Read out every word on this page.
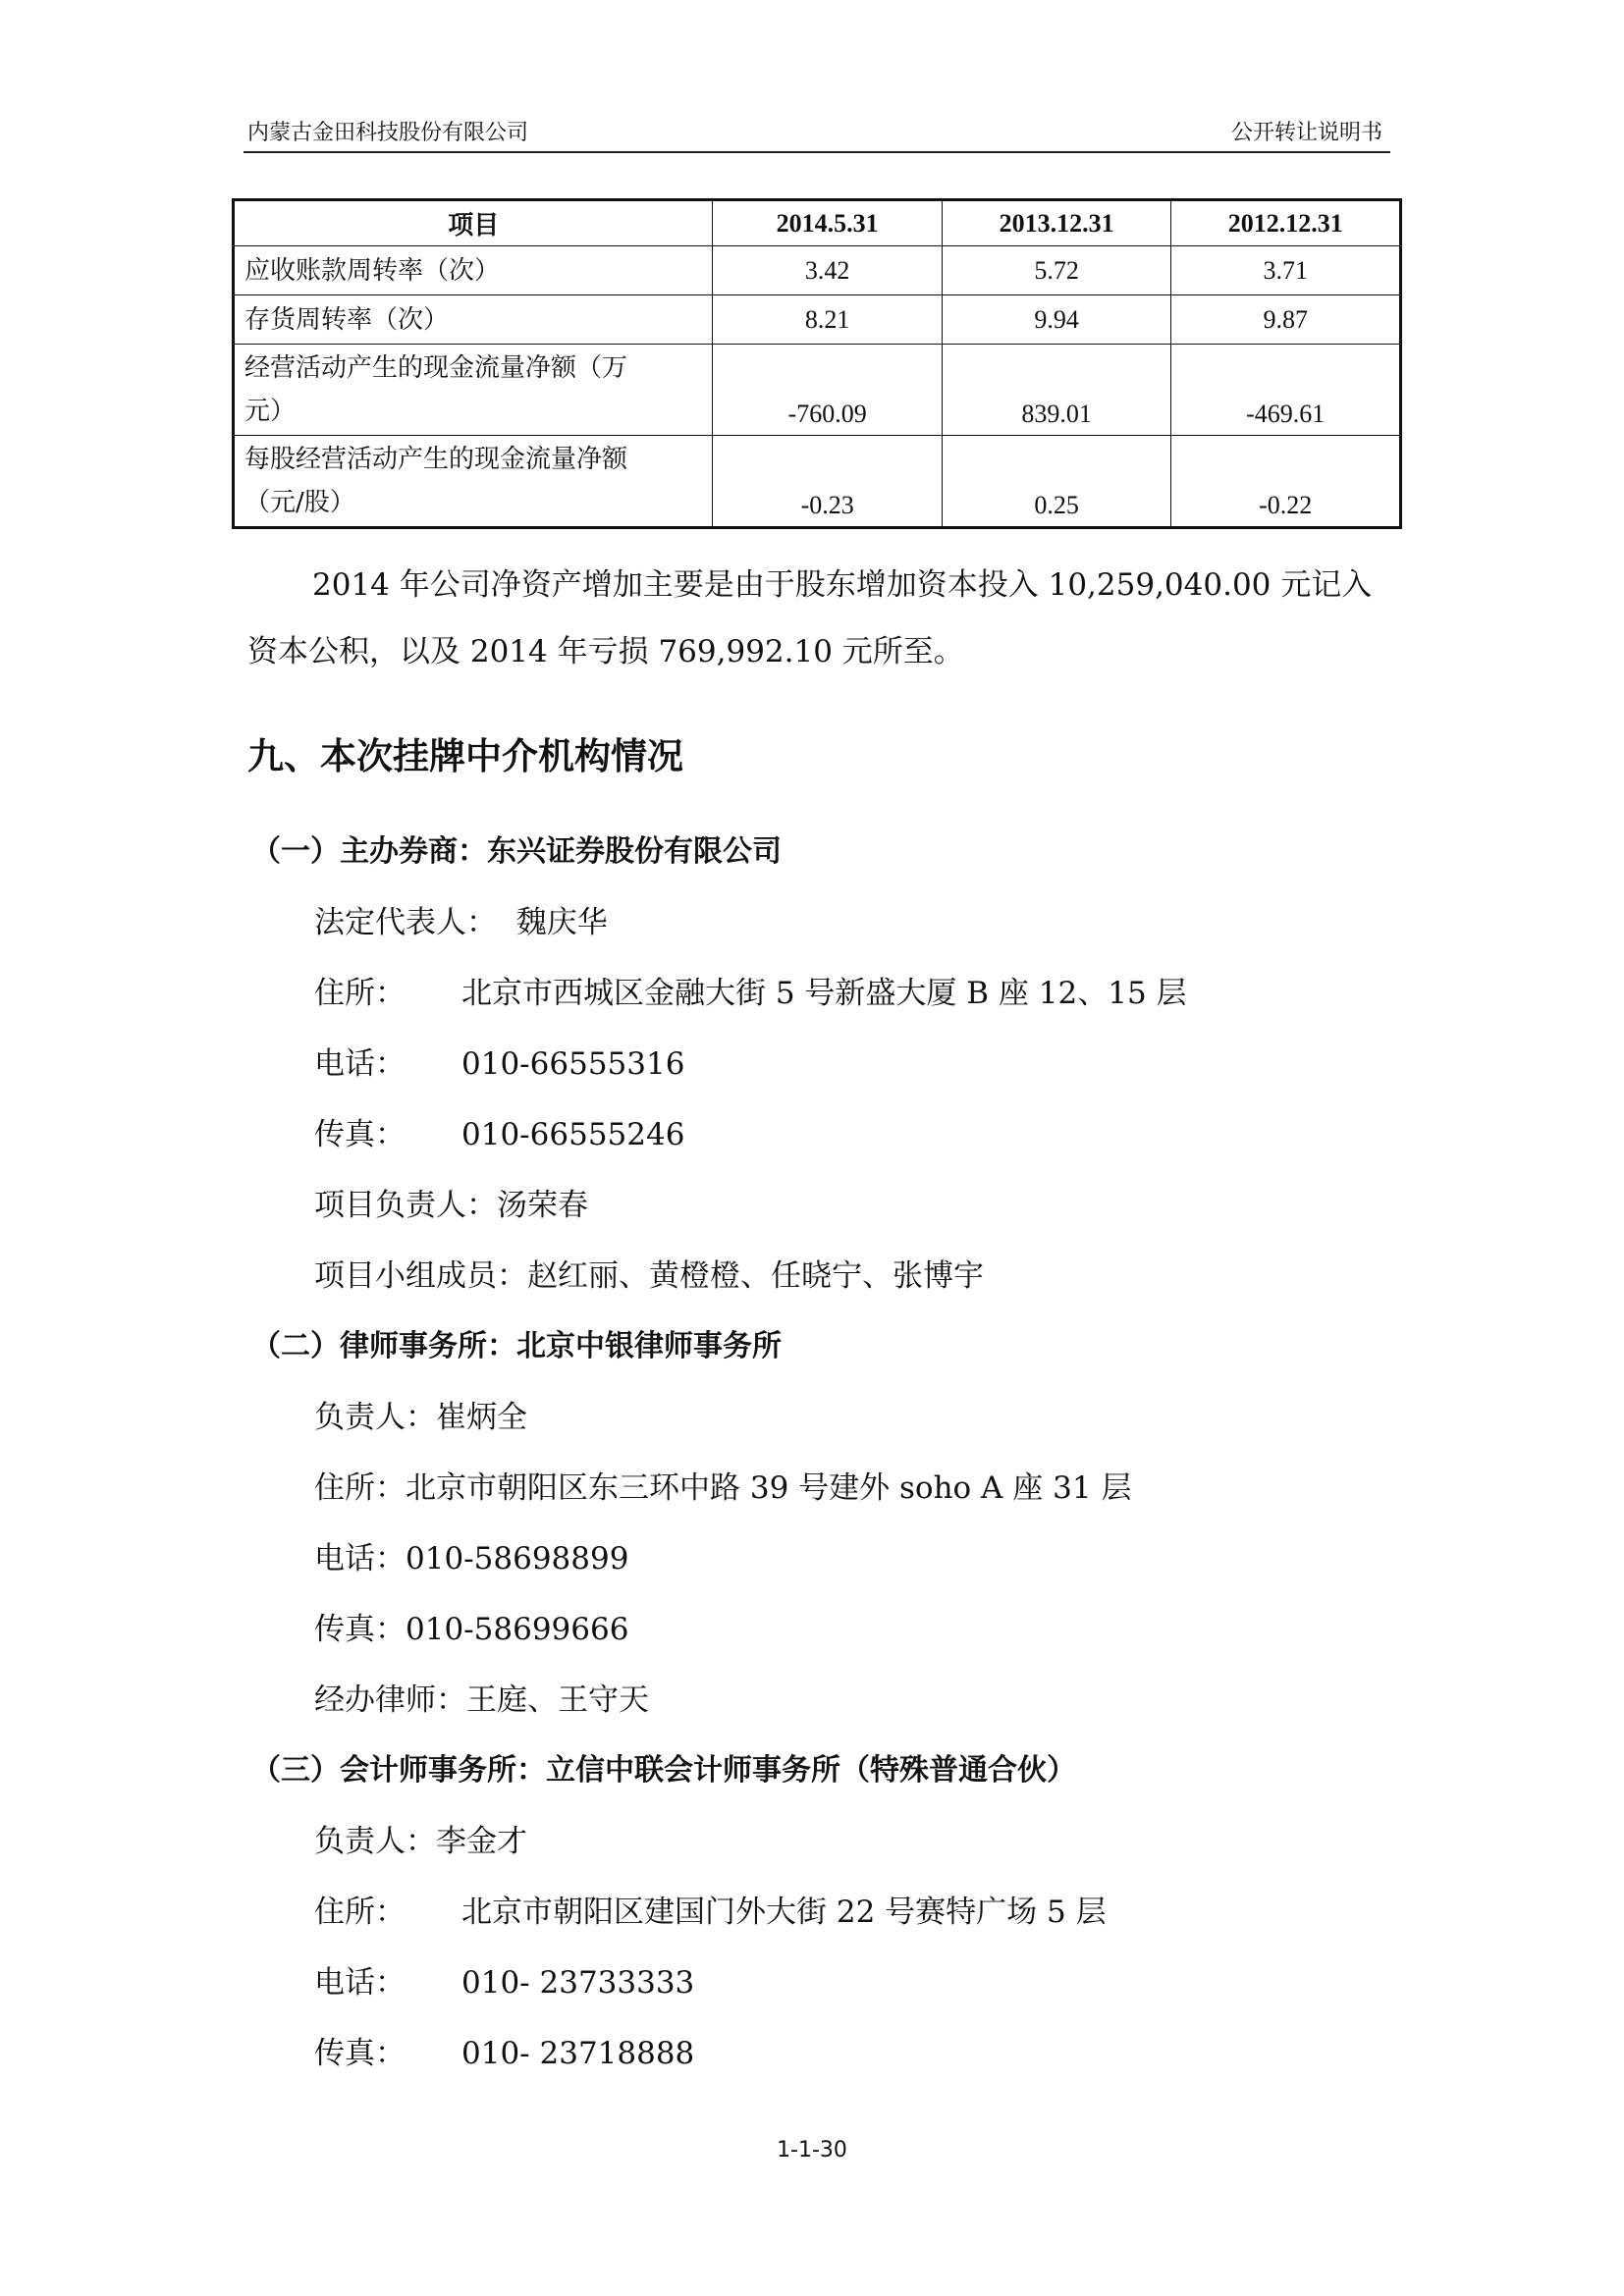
内蒙古金田科技股份有限公司	公开转让说明书
项目	2014.5.31	2013.12.31	2012.12.31
应收账款周转率（次）	3.42	5.72	3.71
存货周转率（次）	8.21	9.94	9.87

经营活动产生的现金流量净额（万
元）	-760.09	839.01	-469.61

每股经营活动产生的现金流量净额
（元/股）	-0.23	0.25	-0.22

2014 年公司净资产增加主要是由于股东增加资本投入 10,259,040.00 元记入资本公积，以及 2014 年亏损 769,992.10 元所至。

九、本次挂牌中介机构情况
（一）主办券商：东兴证券股份有限公司

法定代表人： 魏庆华

住所： 北京市西城区金融大街 5 号新盛大厦 B 座 12、15 层

电话： 010-66555316

传真： 010-66555246

项目负责人：汤荣春

项目小组成员：赵红丽、黄橙橙、任晓宁、张博宇

（二）律师事务所：北京中银律师事务所

负责人：崔炳全

住所：北京市朝阳区东三环中路 39 号建外 soho A 座 31 层

电话：010-58698899

传真：010-58699666

经办律师：王庭、王守天

（三）会计师事务所：立信中联会计师事务所（特殊普通合伙）

负责人：李金才

住所： 北京市朝阳区建国门外大街 22 号赛特广场 5 层

电话： 010- 23733333

传真： 010- 23718888

1-1-30
